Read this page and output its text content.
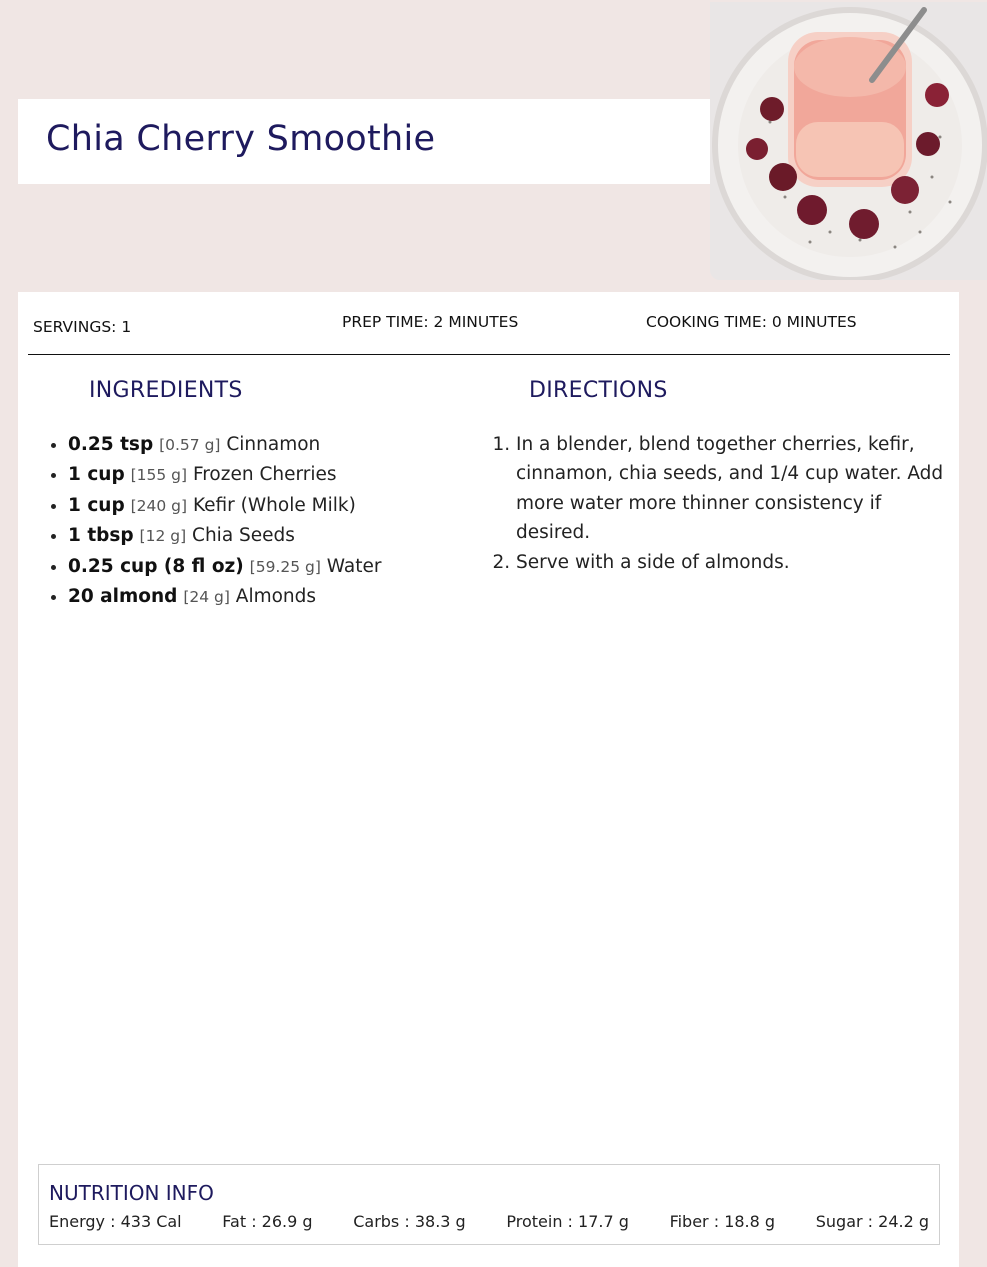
Chia Cherry Smoothie
SERVINGS: 1	PREP TIME: 2 MINUTES	COOKING TIME: 0 MINUTES
INGREDIENTS
• 0.25 tsp [0.57 g] Cinnamon
• 1 cup [155 g] Frozen Cherries
• 1 cup [240 g] Kefir (Whole Milk)
• 1 tbsp [12 g] Chia Seeds
• 0.25 cup (8 fl oz) [59.25 g] Water
• 20 almond [24 g] Almonds
DIRECTIONS
1. In a blender, blend together cherries, kefir, cinnamon, chia seeds, and 1/4 cup water. Add more water more thinner consistency if desired.
2. Serve with a side of almonds.
NUTRITION INFO
Energy : 433 Cal	Fat : 26.9 g	Carbs : 38.3 g	Protein : 17.7 g	Fiber : 18.8 g	Sugar : 24.2 g
